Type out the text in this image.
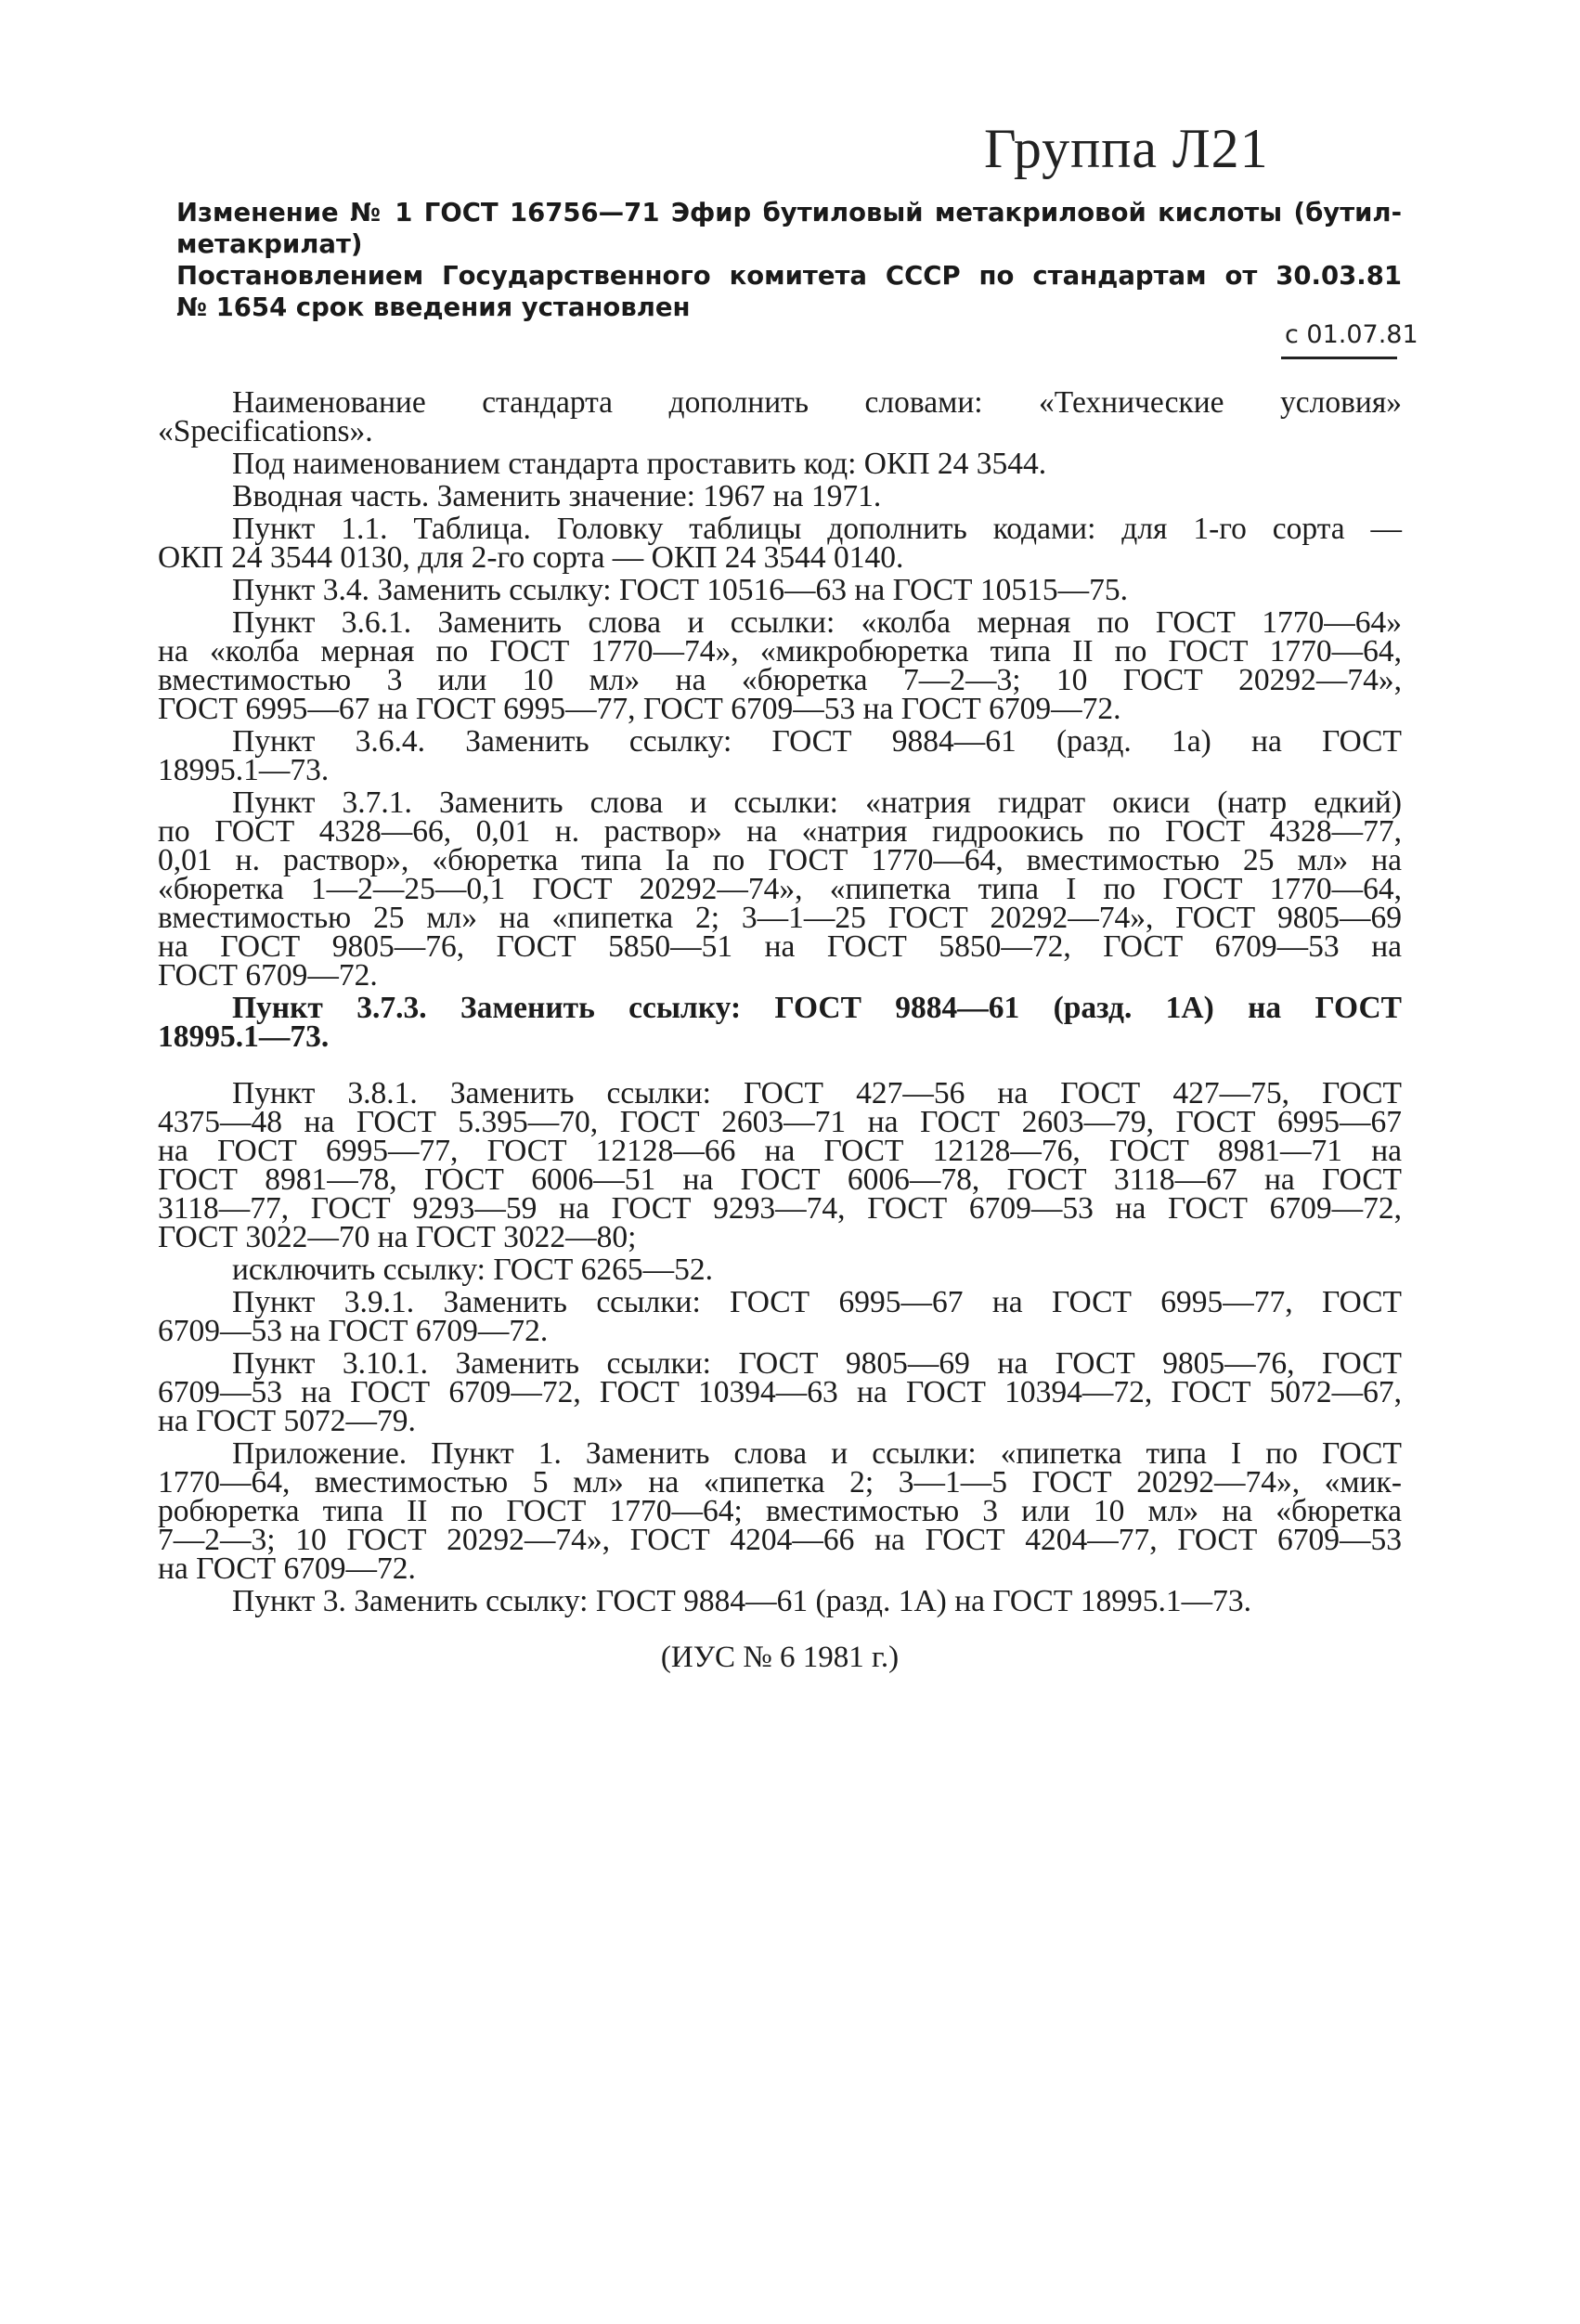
Группа Л21
Изменение № 1 ГОСТ 16756—71 Эфир бутиловый метакриловой кислоты (бутил-
метакрилат)
Постановлением Государственного комитета СССР по стандартам от 30.03.81
№ 1654 срок введения установлен
с 01.07.81
Наименование стандарта дополнить словами: «Технические условия»
«Specifications».
Под наименованием стандарта проставить код: ОКП 24 3544.
Вводная часть. Заменить значение: 1967 на 1971.
Пункт 1.1. Таблица. Головку таблицы дополнить кодами: для 1-го сорта —
ОКП 24 3544 0130, для 2-го сорта — ОКП 24 3544 0140.
Пункт 3.4. Заменить ссылку: ГОСТ 10516—63 на ГОСТ 10515—75.
Пункт 3.6.1. Заменить слова и ссылки: «колба мерная по ГОСТ 1770—64»
на «колба мерная по ГОСТ 1770—74», «микробюретка типа II по ГОСТ 1770—64,
вместимостью 3 или 10 мл» на «бюретка 7—2—3; 10 ГОСТ 20292—74»,
ГОСТ 6995—67 на ГОСТ 6995—77, ГОСТ 6709—53 на ГОСТ 6709—72.
Пункт 3.6.4. Заменить ссылку: ГОСТ 9884—61 (разд. 1а) на ГОСТ
18995.1—73.
Пункт 3.7.1. Заменить слова и ссылки: «натрия гидрат окиси (натр едкий)
по ГОСТ 4328—66, 0,01 н. раствор» на «натрия гидроокись по ГОСТ 4328—77,
0,01 н. раствор», «бюретка типа Iа по ГОСТ 1770—64, вместимостью 25 мл» на
«бюретка 1—2—25—0,1 ГОСТ 20292—74», «пипетка типа I по ГОСТ 1770—64,
вместимостью 25 мл» на «пипетка 2; 3—1—25 ГОСТ 20292—74», ГОСТ 9805—69
на ГОСТ 9805—76, ГОСТ 5850—51 на ГОСТ 5850—72, ГОСТ 6709—53 на
ГОСТ 6709—72.
Пункт 3.7.3. Заменить ссылку: ГОСТ 9884—61 (разд. 1А) на ГОСТ
18995.1—73.
Пункт 3.8.1. Заменить ссылки: ГОСТ 427—56 на ГОСТ 427—75, ГОСТ
4375—48 на ГОСТ 5.395—70, ГОСТ 2603—71 на ГОСТ 2603—79, ГОСТ 6995—67
на ГОСТ 6995—77, ГОСТ 12128—66 на ГОСТ 12128—76, ГОСТ 8981—71 на
ГОСТ 8981—78, ГОСТ 6006—51 на ГОСТ 6006—78, ГОСТ 3118—67 на ГОСТ
3118—77, ГОСТ 9293—59 на ГОСТ 9293—74, ГОСТ 6709—53 на ГОСТ 6709—72,
ГОСТ 3022—70 на ГОСТ 3022—80;
исключить ссылку: ГОСТ 6265—52.
Пункт 3.9.1. Заменить ссылки: ГОСТ 6995—67 на ГОСТ 6995—77, ГОСТ
6709—53 на ГОСТ 6709—72.
Пункт 3.10.1. Заменить ссылки: ГОСТ 9805—69 на ГОСТ 9805—76, ГОСТ
6709—53 на ГОСТ 6709—72, ГОСТ 10394—63 на ГОСТ 10394—72, ГОСТ 5072—67,
на ГОСТ 5072—79.
Приложение. Пункт 1. Заменить слова и ссылки: «пипетка типа I по ГОСТ
1770—64, вместимостью 5 мл» на «пипетка 2; 3—1—5 ГОСТ 20292—74», «мик-
робюретка типа II по ГОСТ 1770—64; вместимостью 3 или 10 мл» на «бюретка
7—2—3; 10 ГОСТ 20292—74», ГОСТ 4204—66 на ГОСТ 4204—77, ГОСТ 6709—53
на ГОСТ 6709—72.
Пункт 3. Заменить ссылку: ГОСТ 9884—61 (разд. 1А) на ГОСТ 18995.1—73.
(ИУС № 6 1981 г.)
